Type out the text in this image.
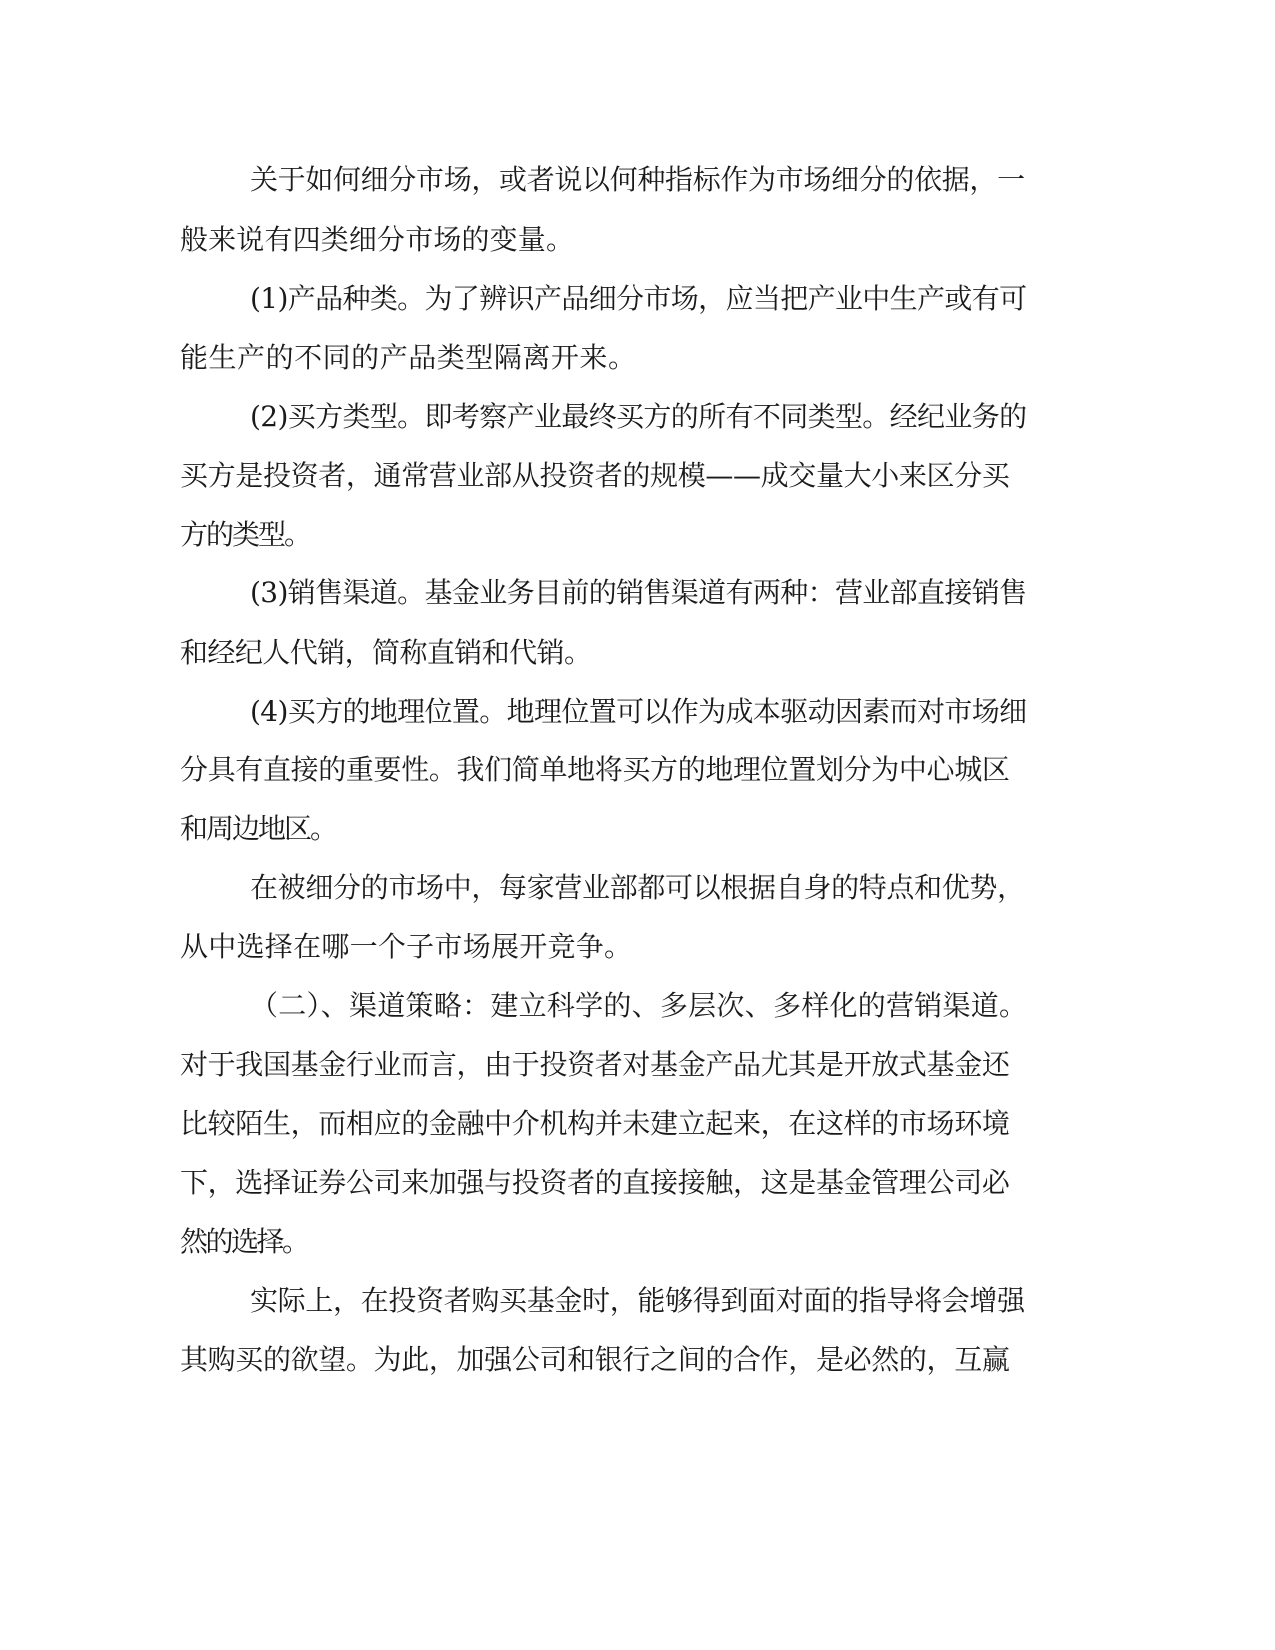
关于如何细分市场，或者说以何种指标作为市场细分的依据，一
般来说有四类细分市场的变量。
(1)产品种类。为了辨识产品细分市场，应当把产业中生产或有可
能生产的不同的产品类型隔离开来。
(2)买方类型。即考察产业最终买方的所有不同类型。经纪业务的
买方是投资者，通常营业部从投资者的规模——成交量大小来区分买
方的类型。
(3)销售渠道。基金业务目前的销售渠道有两种：营业部直接销售
和经纪人代销，简称直销和代销。
(4)买方的地理位置。地理位置可以作为成本驱动因素而对市场细
分具有直接的重要性。我们简单地将买方的地理位置划分为中心城区
和周边地区。
在被细分的市场中，每家营业部都可以根据自身的特点和优势，
从中选择在哪一个子市场展开竞争。
（二）、渠道策略：建立科学的、多层次、多样化的营销渠道。
对于我国基金行业而言，由于投资者对基金产品尤其是开放式基金还
比较陌生，而相应的金融中介机构并未建立起来，在这样的市场环境
下，选择证券公司来加强与投资者的直接接触，这是基金管理公司必
然的选择。
实际上，在投资者购买基金时，能够得到面对面的指导将会增强
其购买的欲望。为此，加强公司和银行之间的合作，是必然的，互赢
